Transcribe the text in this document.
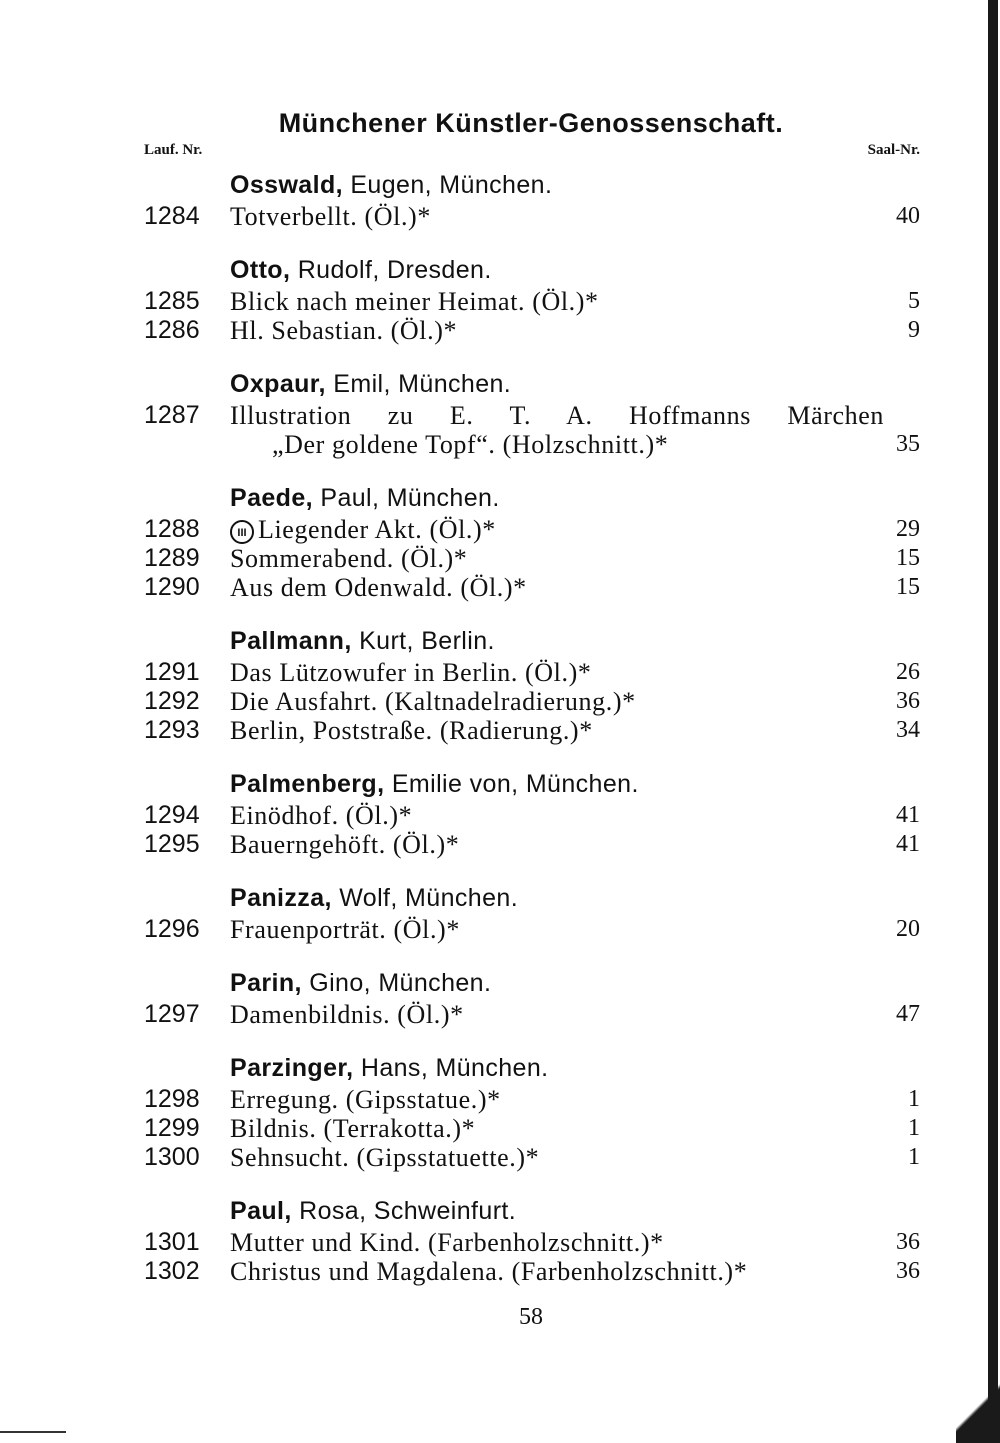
Münchener Künstler-Genossenschaft.
Lauf. Nr.	Saal-Nr.
Osswald, Eugen, München.
1284	Totverbellt. (Öl.)*	40
Otto, Rudolf, Dresden.
1285	Blick nach meiner Heimat. (Öl.)*	5
1286	Hl. Sebastian. (Öl.)*	9
Oxpaur, Emil, München.
1287	Illustration zu E. T. A. Hoffmanns Märchen
„Der goldene Topf“. (Holzschnitt.)*	35
Paede, Paul, München.
1288	III Liegender Akt. (Öl.)*	29
1289	Sommerabend. (Öl.)*	15
1290	Aus dem Odenwald. (Öl.)*	15
Pallmann, Kurt, Berlin.
1291	Das Lützowufer in Berlin. (Öl.)*	26
1292	Die Ausfahrt. (Kaltnadelradierung.)*	36
1293	Berlin, Poststraße. (Radierung.)*	34
Palmenberg, Emilie von, München.
1294	Einödhof. (Öl.)*	41
1295	Bauerngehöft. (Öl.)*	41
Panizza, Wolf, München.
1296	Frauenporträt. (Öl.)*	20
Parin, Gino, München.
1297	Damenbildnis. (Öl.)*	47
Parzinger, Hans, München.
1298	Erregung. (Gipsstatue.)*	1
1299	Bildnis. (Terrakotta.)*	1
1300	Sehnsucht. (Gipsstatuette.)*	1
Paul, Rosa, Schweinfurt.
1301	Mutter und Kind. (Farbenholzschnitt.)*	36
1302	Christus und Magdalena. (Farbenholzschnitt.)*	36
58
